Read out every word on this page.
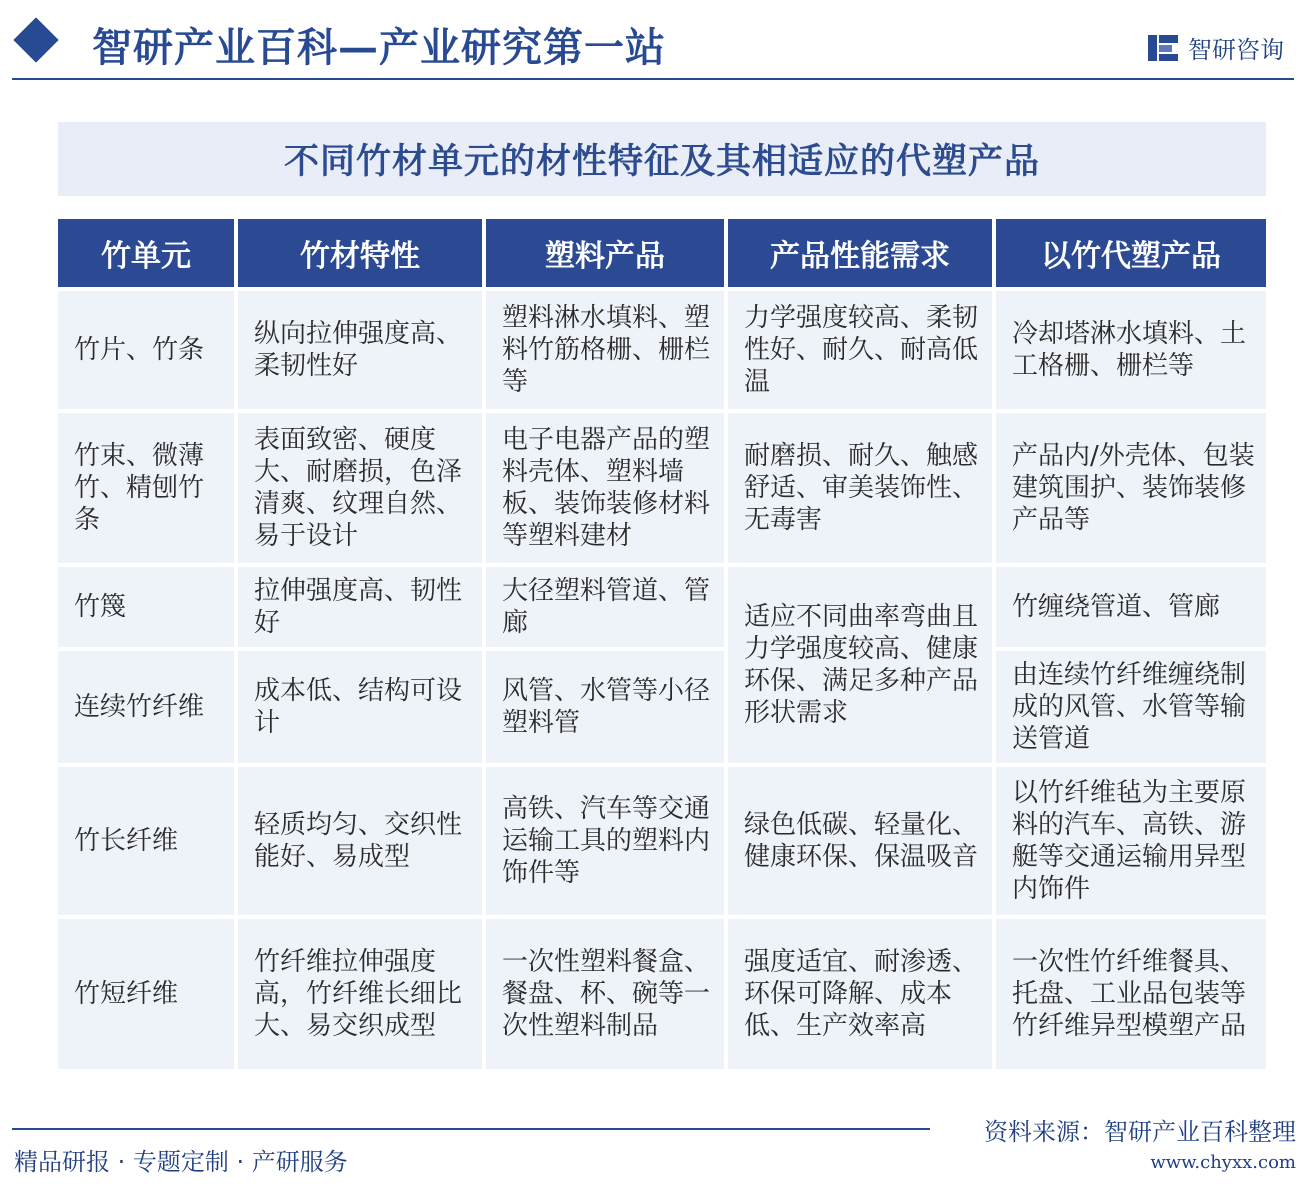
智研产业百科—产业研究第一站	智研咨询
不同竹材单元的材性特征及其相适应的代塑产品
竹单元	竹材特性	塑料产品	产品性能需求	以竹代塑产品
竹片、竹条	纵向拉伸强度高、柔韧性好	塑料淋水填料、塑料竹筋格栅、栅栏等	力学强度较高、柔韧性好、耐久、耐高低温	冷却塔淋水填料、土工格栅、栅栏等
竹束、微薄竹、精刨竹条	表面致密、硬度大、耐磨损，色泽清爽、纹理自然、易于设计	电子电器产品的塑料壳体、塑料墙板、装饰装修材料等塑料建材	耐磨损、耐久、触感舒适、审美装饰性、无毒害	产品内/外壳体、包装建筑围护、装饰装修产品等
竹篾	拉伸强度高、韧性好	大径塑料管道、管廊	适应不同曲率弯曲且力学强度较高、健康环保、满足多种产品形状需求	竹缠绕管道、管廊
连续竹纤维	成本低、结构可设计	风管、水管等小径塑料管		由连续竹纤维缠绕制成的风管、水管等输送管道
竹长纤维	轻质均匀、交织性能好、易成型	高铁、汽车等交通运输工具的塑料内饰件等	绿色低碳、轻量化、健康环保、保温吸音	以竹纤维毡为主要原料的汽车、高铁、游艇等交通运输用异型内饰件
竹短纤维	竹纤维拉伸强度高，竹纤维长细比大、易交织成型	一次性塑料餐盒、餐盘、杯、碗等一次性塑料制品	强度适宜、耐渗透、环保可降解、成本低、生产效率高	一次性竹纤维餐具、托盘、工业品包装等竹纤维异型模塑产品
资料来源：智研产业百科整理
精品研报 · 专题定制 · 产研服务	www.chyxx.com
